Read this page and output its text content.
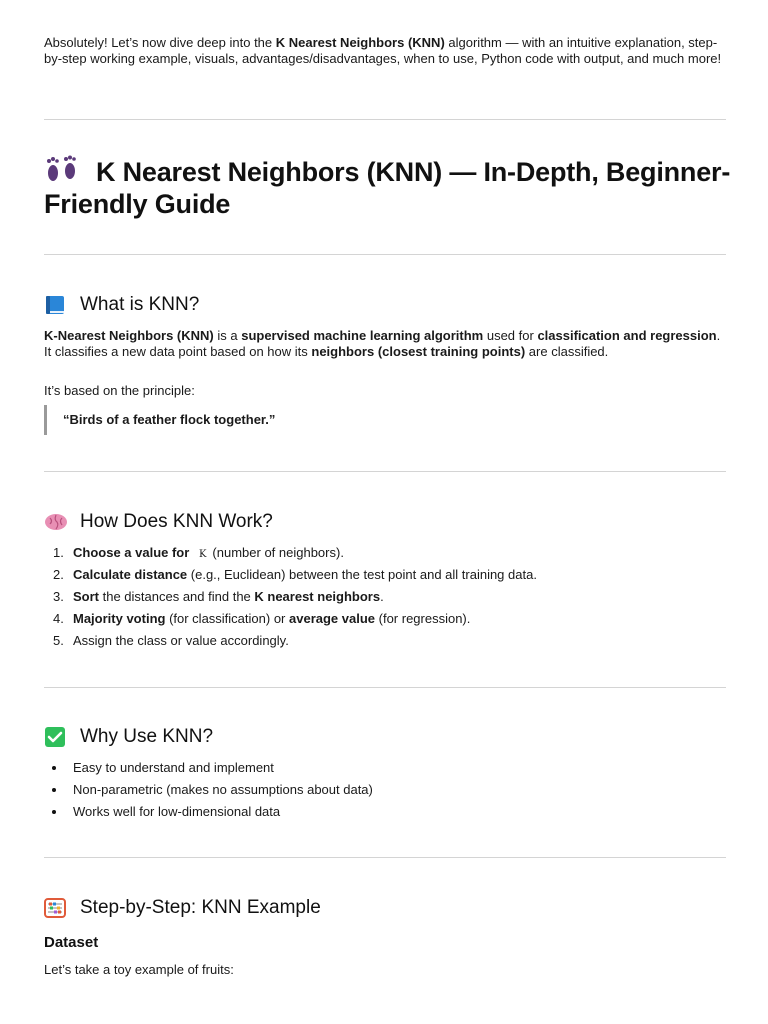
Absolutely! Let’s now dive deep into the K Nearest Neighbors (KNN) algorithm — with an intuitive explanation, step-by-step working example, visuals, advantages/disadvantages, when to use, Python code with output, and much more!
K Nearest Neighbors (KNN) — In-Depth, Beginner-Friendly Guide
What is KNN?
K-Nearest Neighbors (KNN) is a supervised machine learning algorithm used for classification and regression. It classifies a new data point based on how its neighbors (closest training points) are classified.
It’s based on the principle:
“Birds of a feather flock together.”
How Does KNN Work?
1. Choose a value for K (number of neighbors).
2. Calculate distance (e.g., Euclidean) between the test point and all training data.
3. Sort the distances and find the K nearest neighbors.
4. Majority voting (for classification) or average value (for regression).
5. Assign the class or value accordingly.
Why Use KNN?
Easy to understand and implement
Non-parametric (makes no assumptions about data)
Works well for low-dimensional data
Step-by-Step: KNN Example
Dataset
Let’s take a toy example of fruits:
